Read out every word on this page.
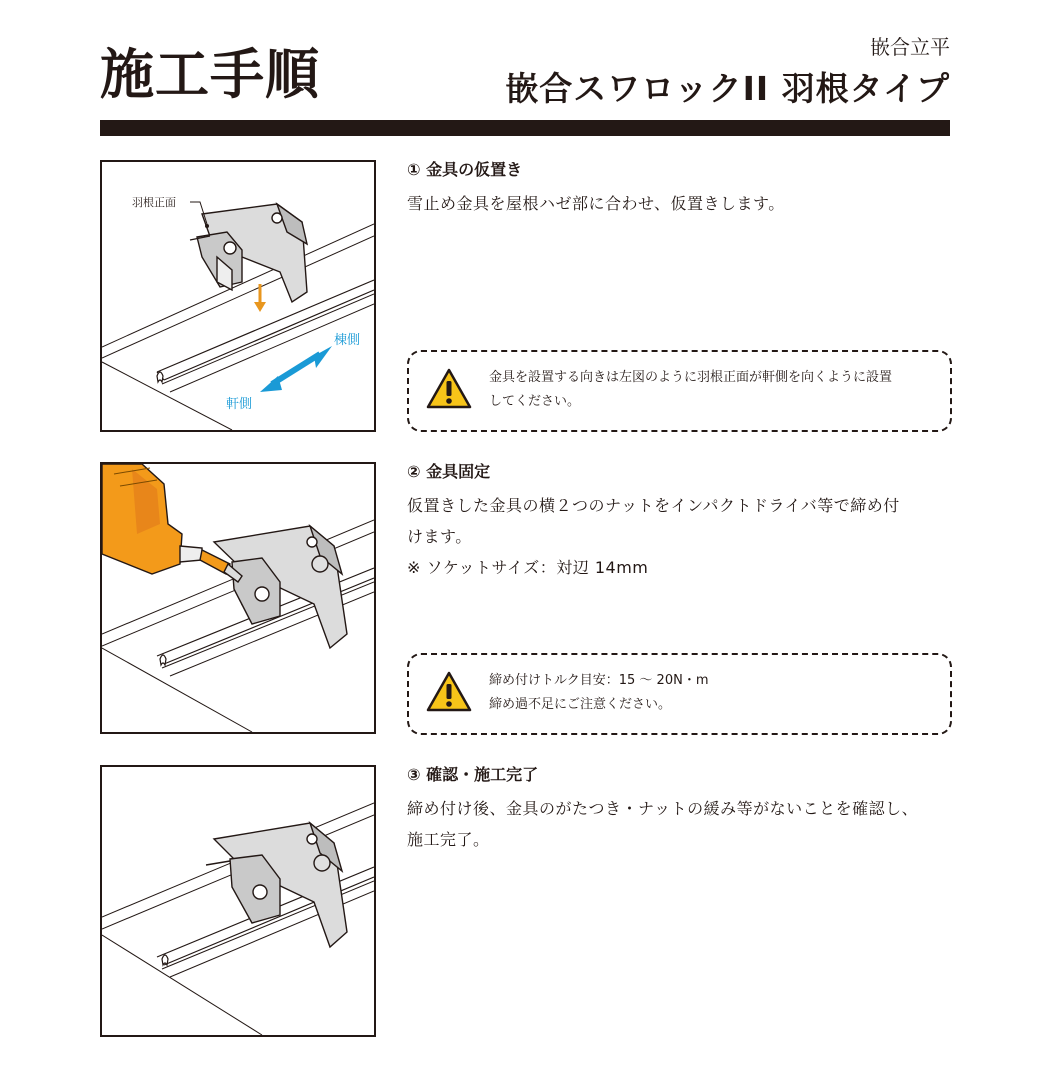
施工手順	嵌合立平
嵌合スワロックII 羽根タイプ
羽根正面
棟側
軒側
① 金具の仮置き

雪止め金具を屋根ハゼ部に合わせ、仮置きします。

金具を設置する向きは左図のように羽根正面が軒側を向くように設置

してください。

② 金具固定

仮置きした金具の横２つのナットをインパクトドライバ等で締め付

けます。

※ ソケットサイズ：対辺 14mm

締め付けトルク目安：15 〜 20N・m

締め過不足にご注意ください。

③ 確認・施工完了

締め付け後、金具のがたつき・ナットの緩み等がないことを確認し、

施工完了。
